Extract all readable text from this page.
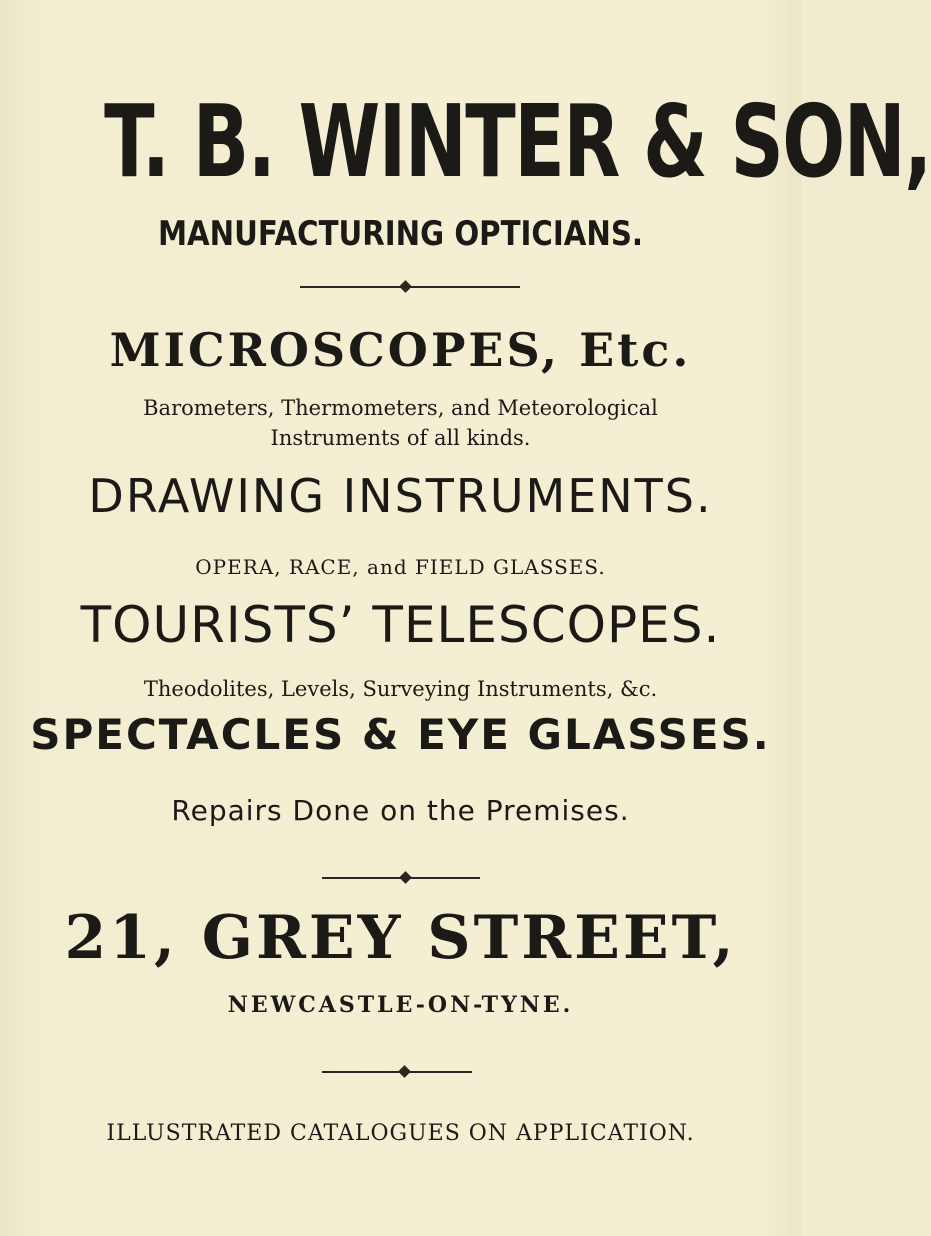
T. B. WINTER & SON,
MANUFACTURING OPTICIANS.
MICROSCOPES, Etc.
Barometers, Thermometers, and Meteorological
Instruments of all kinds.
DRAWING INSTRUMENTS.
OPERA, RACE, and FIELD GLASSES.
TOURISTS’ TELESCOPES.
Theodolites, Levels, Surveying Instruments, &c.
SPECTACLES & EYE GLASSES.
Repairs Done on the Premises.
21, GREY STREET,
NEWCASTLE-ON-TYNE.
ILLUSTRATED CATALOGUES ON APPLICATION.
